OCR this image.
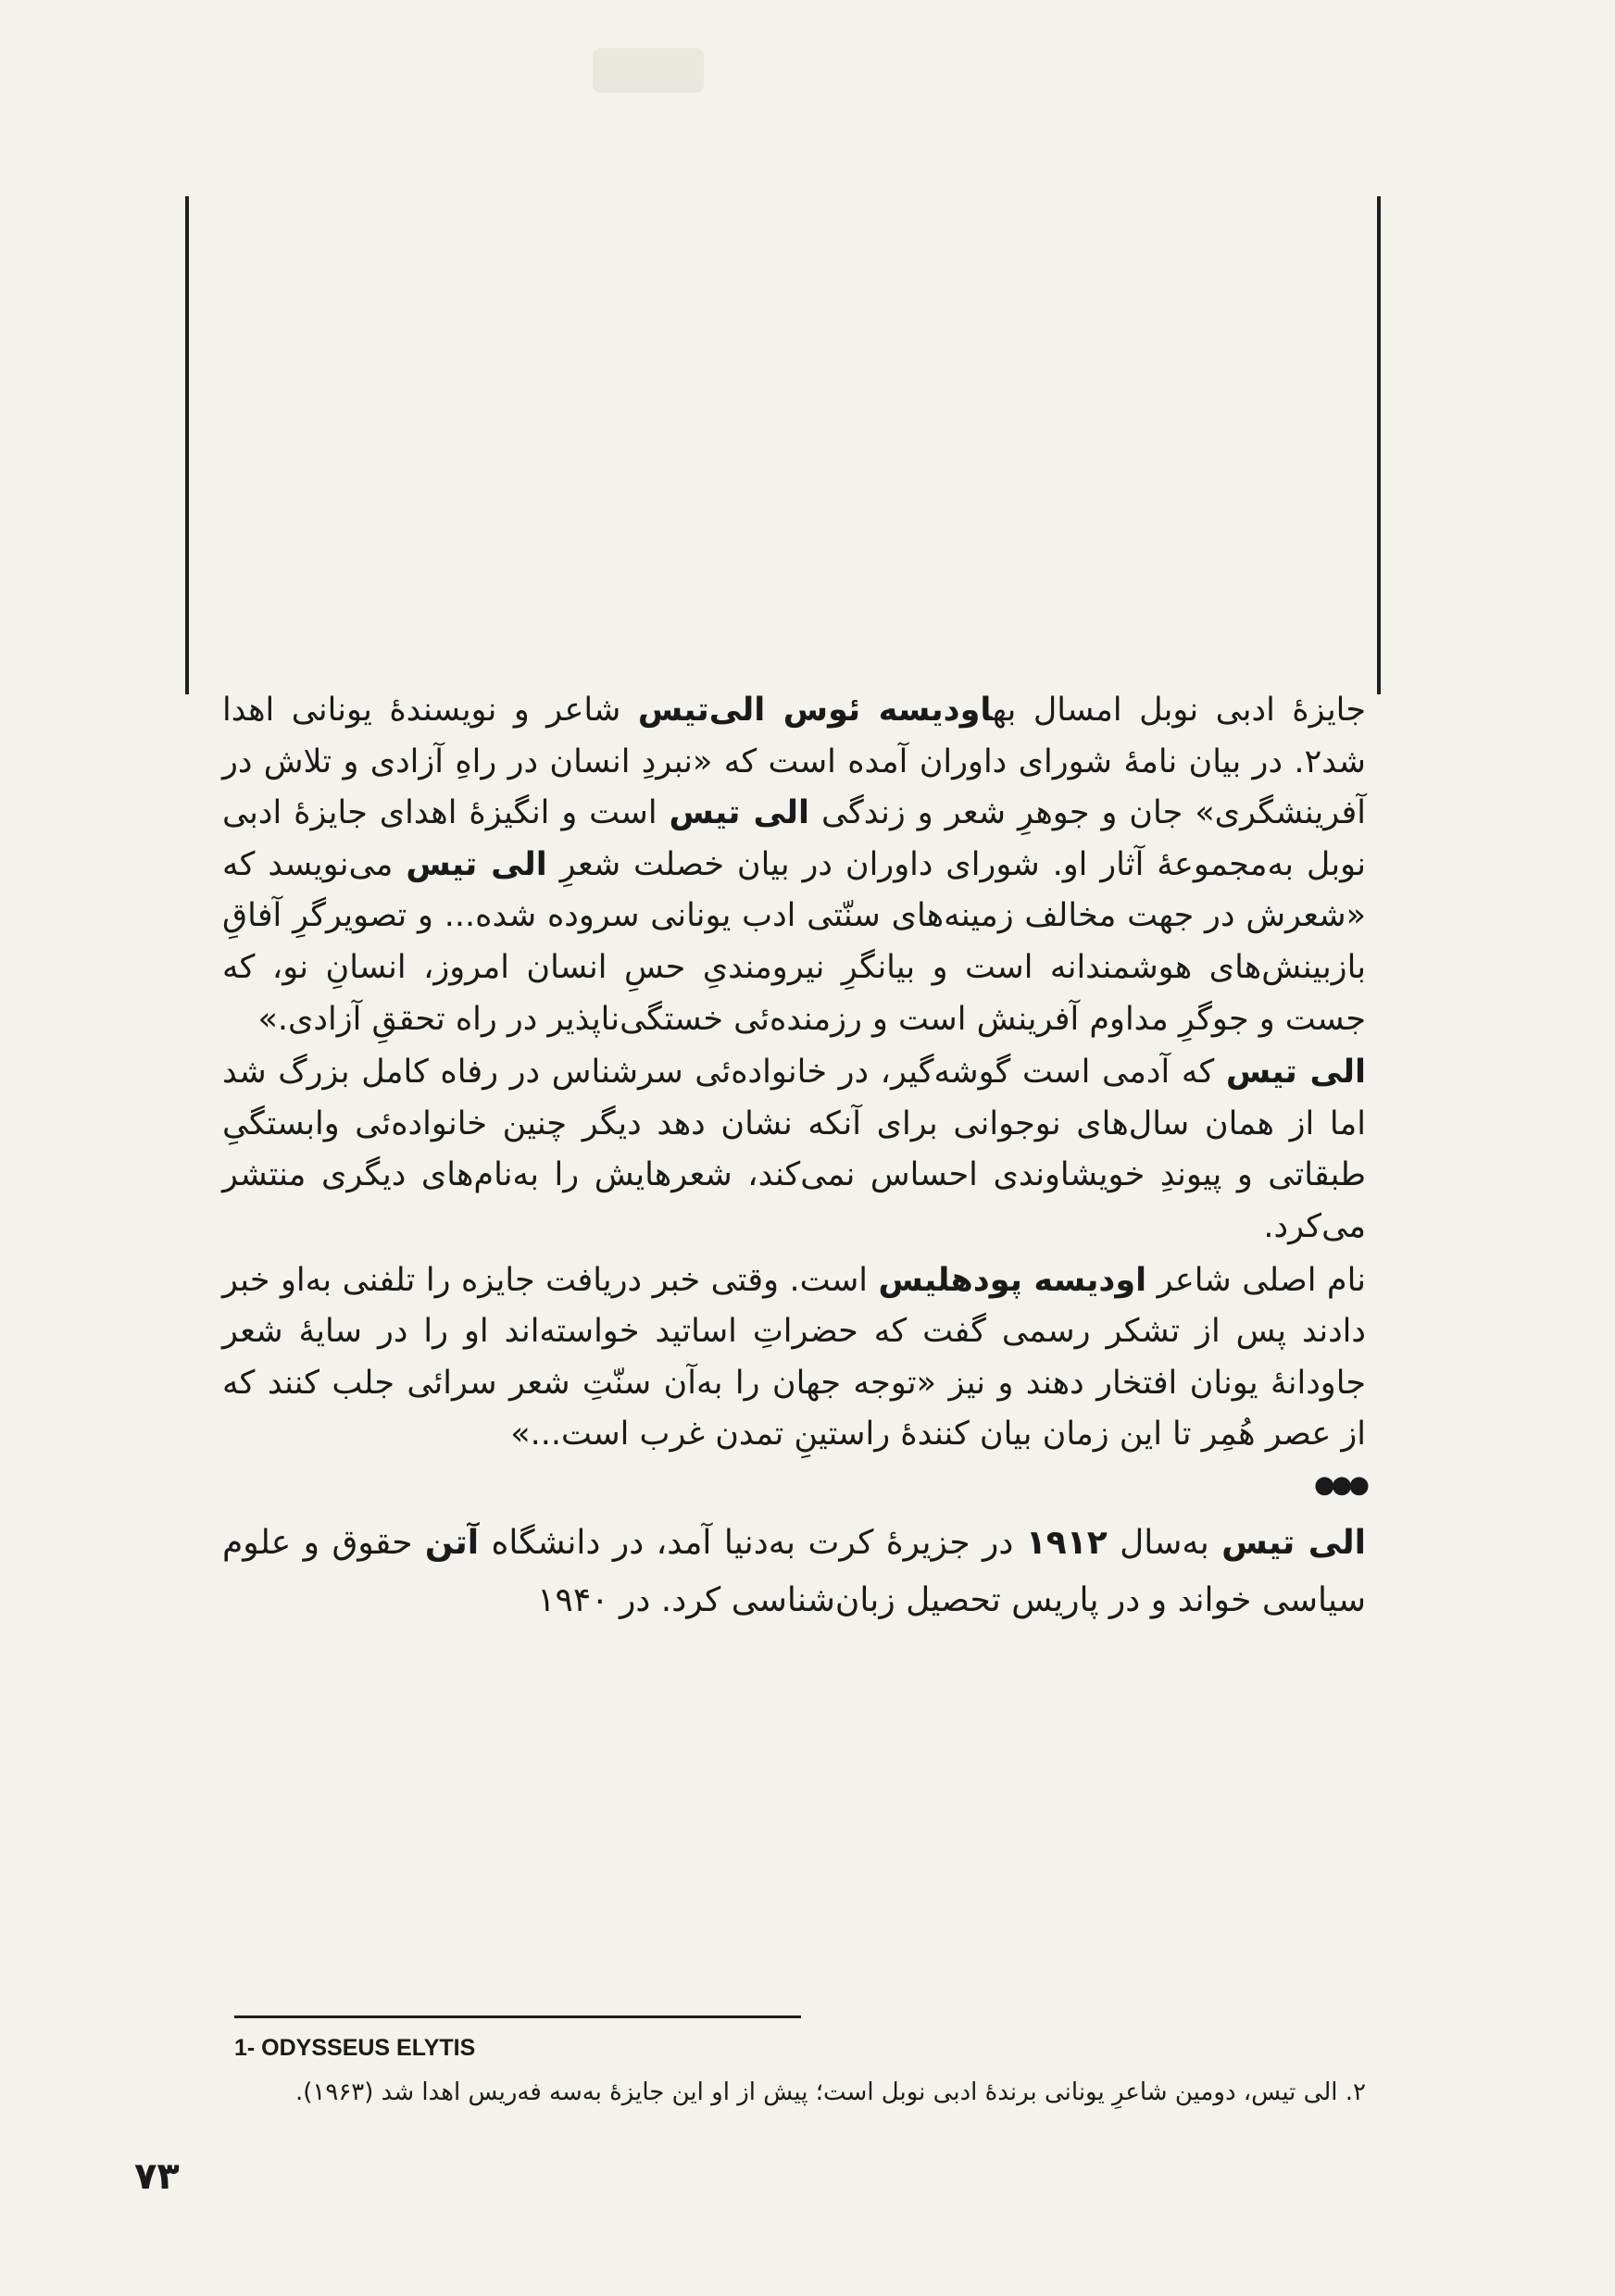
جایزهٔ ادبی نوبل امسال بهاودیسه ئوس الی‌تیس شاعر و نویسندهٔ یونانی اهدا شد۲. در بیان نامهٔ شورای داوران آمده است که «نبردِ انسان در راهِ آزادی و تلاش در آفرینشگری» جان و جوهرِ شعر و زندگی الی تیس است و انگیزهٔ اهدای جایزهٔ ادبی نوبل به‌مجموعهٔ آثار او. شورای داوران در بیان خصلت شعرِ الی تیس می‌نویسد که «شعرش در جهت مخالف زمینه‌های سنّتی ادب یونانی سروده شده... و تصویرگرِ آفاقِ بازبینش‌های هوشمندانه است و بیانگرِ نیرومندیِ حسِ انسان امروز، انسانِ نو، که جست و جوگرِ مداوم آفرینش است و رزمنده‌ئی خستگی‌ناپذیر در راه تحققِ آزادی.»

الی تیس که آدمی است گوشه‌گیر، در خانواده‌ئی سرشناس در رفاه کامل بزرگ شد اما از همان سال‌های نوجوانی برای آنکه نشان دهد دیگر چنین خانواده‌ئی وابستگیِ طبقاتی و پیوندِ خویشاوندی احساس نمی‌کند، شعرهایش را به‌نام‌های دیگری منتشر می‌کرد.

نام اصلی شاعر اودیسه پودهلیس است. وقتی خبر دریافت جایزه را تلفنی به‌او خبر دادند پس از تشکر رسمی گفت که حضراتِ اساتید خواسته‌اند او را در سایهٔ شعر جاودانهٔ یونان افتخار دهند و نیز «توجه جهان را به‌آن سنّتِ شعر سرائی جلب کنند که از عصر هُمِر تا این زمان بیان کنندهٔ راستینِ تمدن غرب است...»

●●●

الی تیس به‌سال ۱۹۱۲ در جزیرهٔ کرت به‌دنیا آمد، در دانشگاه آتن حقوق و علوم سیاسی خواند و در پاریس تحصیل زبان‌شناسی کرد. در ۱۹۴۰

1- ODYSSEUS ELYTIS
۲. الی تیس، دومین شاعرِ یونانی برندهٔ ادبی نوبل است؛ پیش از او این جایزهٔ به‌سه فه‌ریس اهدا شد (۱۹۶۳).
۷۳
